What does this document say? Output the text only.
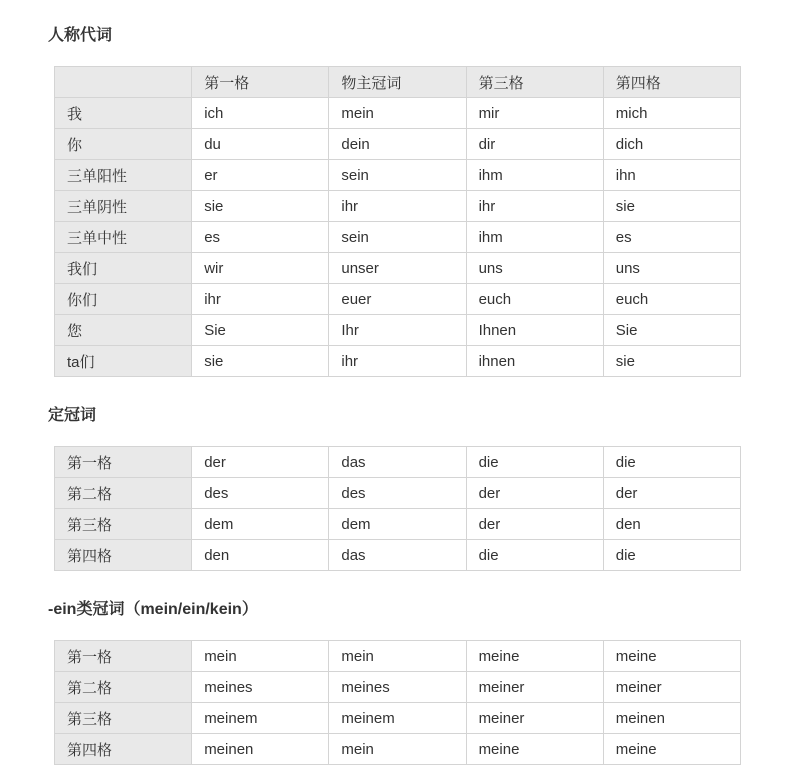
人称代词
	第一格	物主冠词	第三格	第四格
我	ich	mein	mir	mich
你	du	dein	dir	dich
三单阳性	er	sein	ihm	ihn
三单阴性	sie	ihr	ihr	sie
三单中性	es	sein	ihm	es
我们	wir	unser	uns	uns
你们	ihr	euer	euch	euch
您	Sie	Ihr	Ihnen	Sie
ta们	sie	ihr	ihnen	sie
定冠词
第一格	der	das	die	die
第二格	des	des	der	der
第三格	dem	dem	der	den
第四格	den	das	die	die
-ein类冠词（mein/ein/kein）
第一格	mein	mein	meine	meine
第二格	meines	meines	meiner	meiner
第三格	meinem	meinem	meiner	meinen
第四格	meinen	mein	meine	meine
